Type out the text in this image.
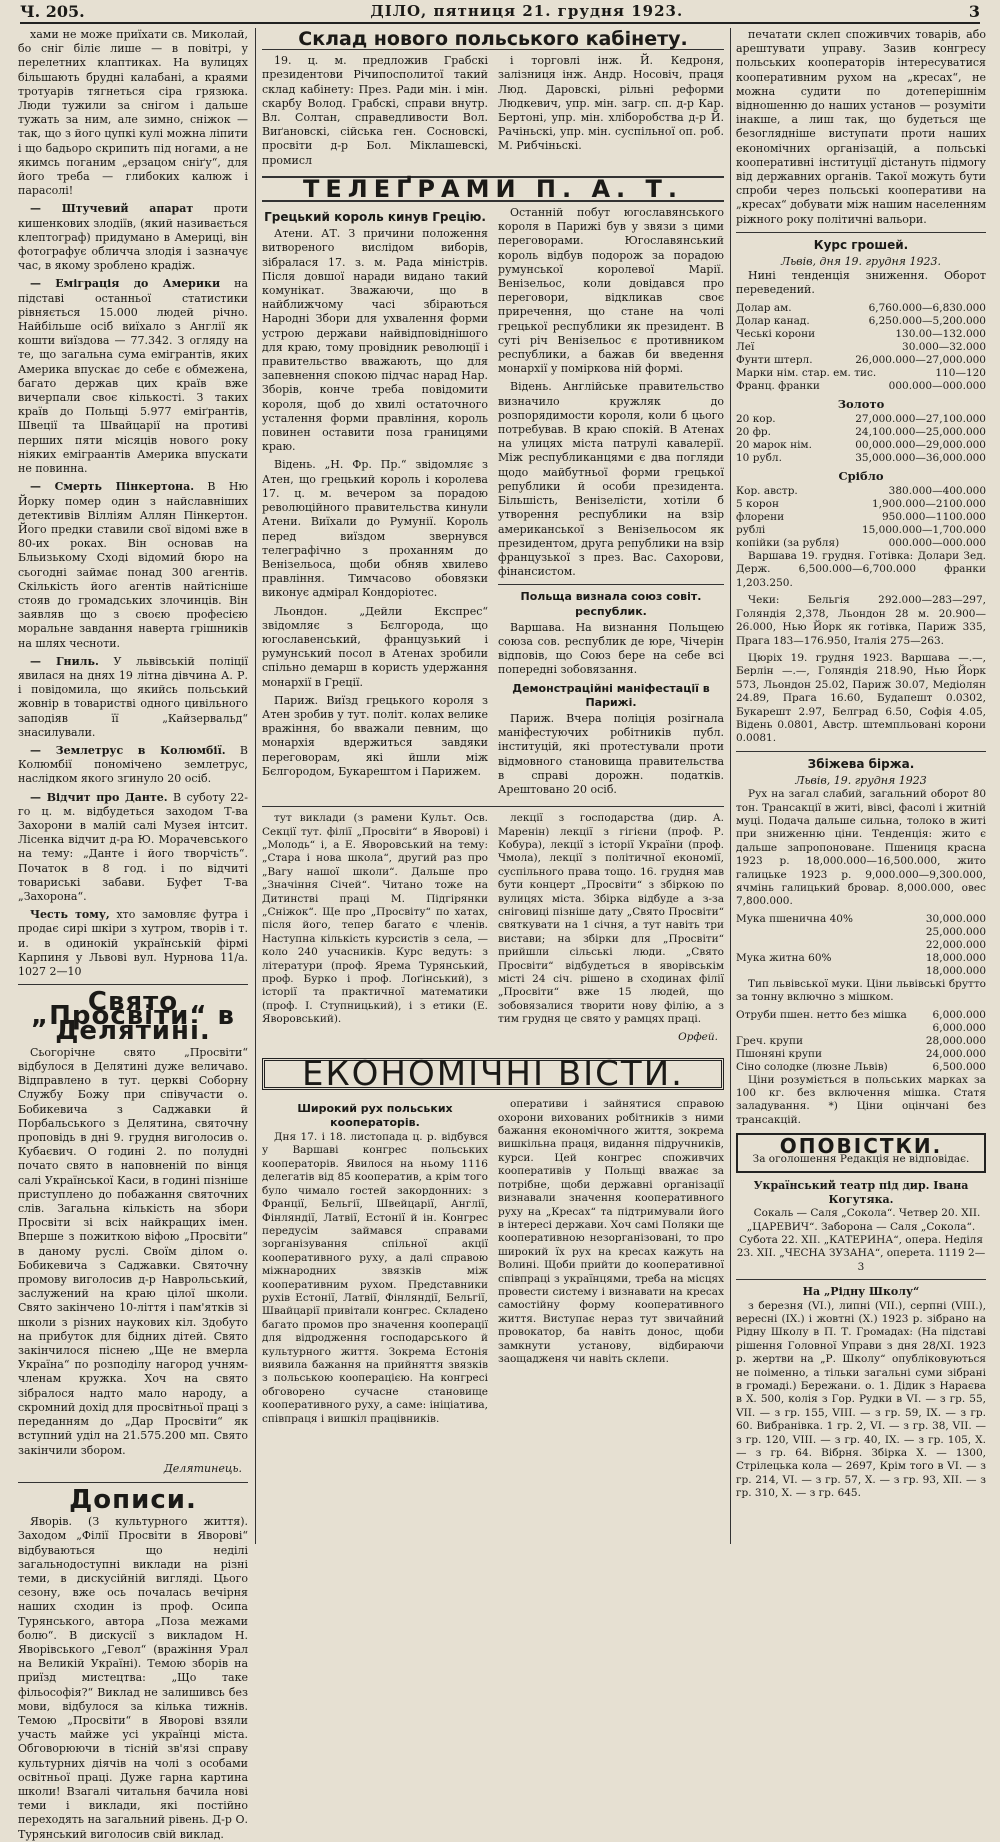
Ч. 205.	ДІЛО, пятниця 21. грудня 1923.	3

хами не може приїхати св. Миколай, бо сніг біліє лише — в повітрі, у перелетних клаптиках. На вулицях більшають брудні калабані, а краями тротуарів тягнеться сіра грязюка. Люди тужили за снігом і дальше тужать за ним, але зимно, сніжок — так, що з його цупкі кулі можна ліпити і що бадьоро скрипить під ногами, а не якимсь поганим „ерзацом сніґу“, для його треба — глибоких калюж і парасолі!

— Штучевий апарат проти кишенкових злодіїв, (який називається клептограф) придумано в Америці, він фотографує обличча злодія і зазначує час, в якому зроблено крадіж.

— Еміграція до Америки на підставі останньої статистики рівняється 15.000 людей річно. Найбільше осіб виїхало з Англії як кошти виїздова — 77.342. З огляду на те, що загальна сума емігрантів, яких Америка впускає до себе є обмежена, багато держав цих країв вже вичерпали своє кількості. З таких країв до Польщі 5.977 еміґрантів, Швеції та Швайцарії на противі перших пяти місяців нового року ніяких еміграантів Америка впускати не повинна.

— Смерть Пінкертона. В Ню Йорку помер один з найславніших детективів Вілліям Аллян Пінкертон. Його предки ставили свої відомі вже в 80-их роках. Він основав на Бльизькому Сході відомий бюро на сьогодні займає понад 300 агентів. Скількість його агентів найтісніше стояв до громадських злочинців. Він заявляв що з своєю професією моральне завдання наверта грішників на шлях чесноти.

— Гниль. У львівській поліції явилася на днях 19 літна дівчина А. Р. і повідомила, що якийсь польський жовнір в товаристві одного цивільного заподіяв її „Кайзервальд“ знасилували.

— Землетрус в Колюмбії. В Колюмбії пономічено землетрус, наслідком якого згинуло 20 осіб.

— Відчит про Данте. В суботу 22-го ц. м. відбудеться заходом Т-ва Захорони в малій салі Музея інтсит. Лісенка відчит д-ра Ю. Морачевського на тему: „Данте і його творчість“. Початок в 8 год. і по відчиті товариські забави. Буфет Т-ва „Захорона“.

Честь тому, хто замовляє футра і продає сирі шкіри з хутром, творів і т. и. в одинокій українській фірмі Карпиня у Львові вул. Нурнова 11/а. 1027 2—10

Свято „Просвіти“ в Делятині.

Сьогорічне свято „Просвіти“ відбулося в Делятині дуже величаво. Відправлено в тут. церкві Соборну Службу Божу при співучасти о. Бобикевича з Саджавки й Порбальського з Делятина, святочну проповідь в дні 9. грудня виголосив о. Кубаєвич. О годині 2. по полудні почато свято в наповненій по вінця салі Української Каси, в годині пізніше приступлено до побажання святочних слів. Загальна кількість на збори Просвіти зі всіх найкращих імен. Вперше з пожиткою віфою „Просвіти“ в даному руслі. Своїм ділом о. Бобикевича з Саджавки. Святочну промову виголосив д-р Наврольський, заслужений на краю цілої школи. Свято закінчено 10-ліття і пам'ятків зі школи з різних наукових кіл. Здобуто на прибуток для бідних дітей. Свято закінчилося піснею „Ще не вмерла Україна“ по розподілу нагород учням-членам кружка. Хоч на свято зібралося надто мало народу, а скромний дохід для просвітньої праці з переданням до „Дар Просвіти“ як вступний уділ на 21.575.200 мп. Свято закінчили збором.

Делятинець.
Дописи.

Яворів. (З культурного життя). Заходом „Філії Просвіти в Яворові“ відбуваються що неділі загальнодоступні виклади на різні теми, в дискусійній вигляді. Цього сезону, вже ось почалась вечірня наших сходин із проф. Осипа Турянського, автора „Поза межами болю“. В дискусії з викладом Н. Яворівського „Гевол“ (вражіння Урал на Великій Україні). Темою зборів на приїзд мистецтва: „Що таке фільософія?“ Виклад не залишивсь без мови, відбулося за кілька тижнів. Темою „Просвіти“ в Яворові взяли участь майже усі українці міста. Обговорюючи в тісній зв'язі справу культурних діячів на чолі з особами освітньої праці. Дуже гарна картина школи! Взагалі читальня бачила нові теми і виклади, які постійно переходять на загальний рівень. Д-р О. Турянський виголосив свій виклад.

Склад нового польського кабінету.

19. ц. м. предложив Грабскі президентови Річипосполитої такий склад кабінету: През. Ради мін. і мін. скарбу Волод. Грабскі, справи внутр. Вл. Солтан, справедливости Вол. Виґановскі, сійська ген. Сосновскі, просвіти д-р Бол. Міклашевскі, промисл

і торговлі інж. Й. Кедроня, залізниця інж. Андр. Носовіч, праця Люд. Даровскі, рільні реформи Людкевич, упр. мін. загр. сп. д-р Кар. Бертоні, упр. мін. хліборобства д-р Й. Рачіньскі, упр. мін. суспільної оп. роб. М. Рибчіньскі.

ТЕЛЕҐРАМИ П. А. Т.
Грецький король кинув Грецію.

Атени. АТ. З причини положення витвореного вислідом виборів, зібралася 17. з. м. Рада міністрів. Після довшої наради видано такий комунікат. Зважаючи, що в найближчому часі збіраються Народні Збори для ухвалення форми устрою держави найвідповіднішого для краю, тому провідник революції і правительство вважають, що для запевнення спокою підчас нарад Нар. Зборів, конче треба повідомити короля, щоб до хвилі остаточного усталення форми правління, король повинен оставити поза границями краю.

Відень. „Н. Фр. Пр.“ звідомляє з Атен, що грецький король і королева 17. ц. м. вечером за порадою революційного правительства кинули Атени. Виїхали до Румунії. Король перед виїздом звернувся телеграфічно з проханням до Венізельоса, щоби обняв хвилево правління. Тимчасово обовязки виконує адмірал Кондоріотес.

Льондон. „Дейли Експрес“ звідомляє з Бєлгорода, що югославенський, французький і румунський посол в Атенах зробили спільно демарш в користь удержання монархії в Греції.

Париж. Виїзд грецького короля з Атен зробив у тут. політ. колах велике вражіння, бо вважали певним, що монархія вдержиться завдяки переговорам, які йшли між Бєлгородом, Букарештом і Парижем.

Останній побут югославянського короля в Парижі був у звязи з цими переговорами. Югославянський король відбув подорож за порадою румунської королевої Марії. Венізельос, коли довідався про переговори, відкликав своє приречення, що стане на чолі грецької республики як президент. В суті річ Венізельос є противником республики, а бажав би введення монархії у поміркова ній формі.

Відень. Англійське правительство визначило кружляк до розпорядимости короля, коли б цього потребував. В краю спокій. В Атенах на улицях міста патрулі кавалерії. Між республиканцями є два погляди щодо майбутньої форми грецької републики й особи президента. Більшість, Венізелісти, хотіли б утворення республики на взір американської з Венізельосом як президентом, друга републики на взір французької з през. Вас. Сахорови, фінансистом.

Польща визнала союз совіт. республик.

Варшава. На визнання Польщею союза сов. республик де юре, Чічерін відповів, що Союз бере на себе всі попередні зобовязання.

Демонстраційні маніфестації в Парижі.

Париж. Вчера поліція розігнала маніфестуючих робітників публ. інституцій, які протестували проти відмовного становища правительства в справі дорожн. податків. Арештовано 20 осіб.

тут виклади (з рамени Культ. Осв. Секції тут. філії „Просвіти“ в Яворові) і „Молодь“ і, а Е. Яворовський на тему: „Стара і нова школа“, другий раз про „Вагу нашої школи“. Дальше про „Значіння Січей“. Читано тоже на Дитинстві праці М. Підгірянки „Сніжок“. Ще про „Просвіту“ по хатах, після його, тепер багато є членів. Наступна кількість курсистів з села, — коло 240 учасників. Курс ведуть: з літератури (проф. Ярема Турянський, проф. Бурко і проф. Лоґінський), з історії та практичної математики (проф. І. Ступницький), і з етики (Е. Яворовський).

лекції з господарства (дир. А. Маренін) лекції з гігієни (проф. Р. Кобура), лекції з історії України (проф. Чмола), лекції з політичної економії, суспільного права тощо. 16. грудня мав бути концерт „Просвіти“ з збіркою по вулицях міста. Збірка відбуде а з-за сніговиці пізніше дату „Свято Просвіти“ святкувати на 1 січня, а тут навіть три вистави; на збірки для „Просвіти“ прийшли сільські люди. „Свято Просвіти“ відбудеться в яворівськім місті 24 січ. рішено в сходинах філії „Просвіти“ вже 15 людей, що зобовязалися творити нову філію, а з тим грудня це свято у рамцях праці.

Орфей.
ЕКОНОМІЧНІ ВІСТИ.
Широкий рух польських кооператорів.

Дня 17. і 18. листопада ц. р. відбувся у Варшаві конгрес польських кооператорів. Явилося на ньому 1116 делегатів від 85 кооператив, а крім того було чимало гостей закордонних: з Франції, Бельгії, Швейцарії, Англії, Фінляндії, Латвії, Естонії й ін. Конгрес передусім займався справами зорганізування спільної акції кооперативного руху, а далі справою міжнародних звязків між кооперативним рухом. Представники рухів Естонії, Латвії, Фінляндії, Бельгії, Швайцарії привітали конгрес. Складено багато промов про значення кооперації для відродження господарського й культурного життя. Зокрема Естонія виявила бажання на прийняття звязків з польською кооперацією. На конгресі обговорено сучасне становище кооперативного руху, а саме: ініціатива, співпраця і вишкіл працівників.

оперативи і зайнятися справою охорони вихованих робітників з ними бажання економічного життя, зокрема вишкільна праця, видання підручників, курси. Цей конгрес споживчих кооперативів у Польщі вважає за потрібне, щоби державні організації визнавали значення кооперативного руху на „Кресах“ та підтримували його в інтересі держави. Хоч самі Поляки ще кооперативною незорганізовані, то про широкий їх рух на кресах кажуть на Волині. Щоби прийти до кооперативної співпраці з українцями, треба на місцях провести систему і визнавати на кресах самостійну форму кооперативного життя. Виступає нераз тут звичайний провокатор, ба навіть донос, щоби замкнути установу, відбираючи заощадженя чи навіть склепи.

печатати склеп споживчих товарів, або арештувати управу. Зазив конгресу польських кооператорів інтересуватися кооперативним рухом на „кресах“, не можна судити по дотеперішнім відношенню до наших установ — розуміти інакше, а лиш так, що будеться ще безоглядніше виступати проти наших економічних організацій, а польські кооперативні інституції дістануть підмогу від державних органів. Такої можуть бути спроби через польські кооперативи на „кресах“ добувати між нашим населенням ріжного року політичні вальори.

Курс грошей.
Львів, дня 19. грудня 1923.

Нині тенденція зниження. Оборот переведений.

Долар ам.	6,760.000—6,830.000
Долар канад.	6,250.000—5,200.000
Чеські корони	130.00—132.000
Леї	30.000—32.000
Фунти штерл.	26,000.000—27,000.000
Марки нім. стар. ем. тис.	110—120
Франц. франки	000.000—000.000
Золото
20 кор.	27,000.000—27,100.000
20 фр.	24,100.000—25,000.000
20 марок нім.	00,000.000—29,000.000
10 рубл.	35,000.000—36,000.000
Срібло
Кор. австр.	380.000—400.000
5 корон	1,900.000—2100.000
флорени	950.000—1100.000
рублі	15,000.000—1,700.000
копійки (за рубля)	000.000—000.000

Варшава 19. грудня. Готівка: Долари Зед. Держ. 6,500.000—6,700.000 франки 1,203.250.

Чеки: Бельгія 292.000—283—297, Голяндія 2,378, Льондон 28 м. 20.900—26.000, Нью Йорк як готівка, Париж 335, Прага 183—176.950, Італія 275—263.

Цюріх 19. грудня 1923. Варшава —.—, Берлін —.—, Голяндія 218.90, Нью Йорк 573, Льондон 25.02, Париж 30.07, Медіолян 24.89, Прага 16.60, Будапешт 0.0302, Букарешт 2.97, Белград 6.50, Софія 4.05, Відень 0.0801, Австр. штемпльовані корони 0.0081.

Збіжева біржа.
Львів, 19. грудня 1923

Рух на загал слабий, загальний оборот 80 тон. Трансакції в житі, вівсі, фасолі і житній муці. Подача дальше сильна, толоко в житі при зниженню ціни. Тенденція: жито є дальше запропоноване. Пшениця красна 1923 р. 18,000.000—16,500.000, жито галицьке 1923 р. 9,000.000—9,300.000, ячмінь галицький бровар. 8,000.000, овес 7,800.000.

Мука пшенична 40%	30,000.000
25,000.000
22,000.000
Мука житна 60%	18,000.000
18,000.000

Тип львівської муки. Ціни львівські брутто за тонну включно з мішком.

Отруби пшен. нетто без мішка 6,000.000
6,000.000
Греч. крупи	28,000.000
Пшоняні крупи	24,000.000
Сіно солодке (люзне Львів)	6,500.000

Ціни розуміється в польських марках за 100 кг. без включення мішка. Статя заладування. *) Ціни оцінчані без трансакцій.

ОПОВІСТКИ.
За оголошення Редакція не відповідає.
Український театр під дир. Івана Когутяка.

Сокаль — Саля „Сокола“. Четвер 20. XII. „ЦАРЕВИЧ“. Заборона — Саля „Сокола“. Субота 22. XII. „КАТЕРИНА“, опера. Неділя 23. XII. „ЧЕСНА ЗУЗАНА“, оперета. 1119 2—3

На „Рідну Школу“

з березня (VI.), липні (VII.), серпні (VIII.), вересні (IX.) і жовтні (X.) 1923 р. зібрано на Рідну Школу в П. Т. Громадах: (На підставі рішення Головної Управи з дня 28/XI. 1923 р. жертви на „Р. Школу“ опубліковуються не поіменно, а тільки загальні суми зібрані в громаді.) Бережани. о. 1. Дідик з Нараєва в X. 500, колія з Гор. Рудки в VI. — з гр. 55, VII. — з гр. 155, VIII. — з гр. 59, IX. — з гр. 60. Вибранівка. 1 гр. 2, VI. — з гр. 38, VII. — з гр. 120, VIII. — з гр. 40, IX. — з гр. 105, X. — з гр. 64. Вібрня. Збірка X. — 1300, Стрілецька кола — 2697, Крім того в VI. — з гр. 214, VI. — з гр. 57, X. — з гр. 93, XII. — з гр. 310, X. — з гр. 645.
